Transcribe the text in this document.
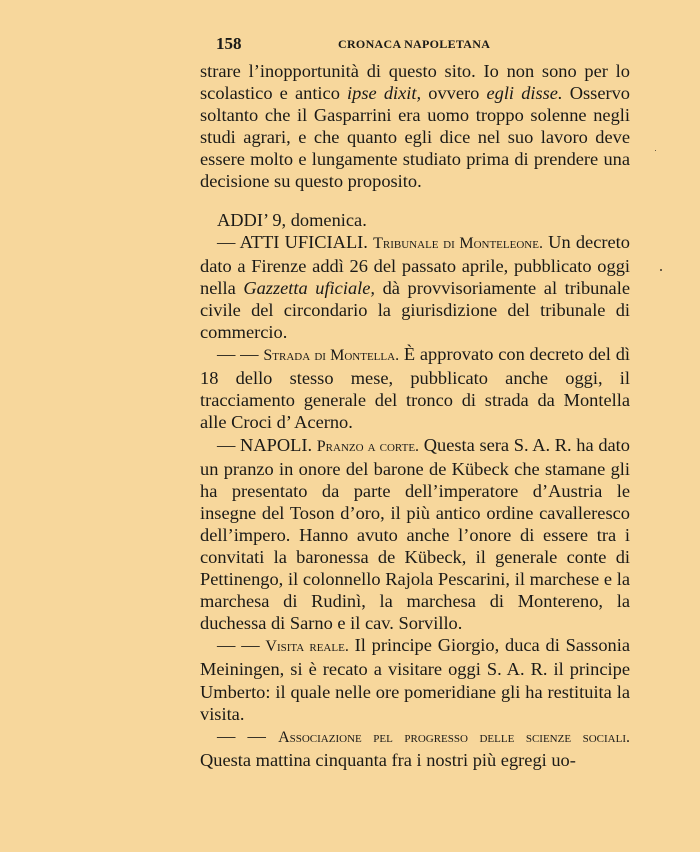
158	CRONACA NAPOLETANA

strare l’inopportunità di questo sito. Io non sono per lo scolastico e antico ipse dixit, ovvero egli disse. Osservo soltanto che il Gasparrini era uomo troppo solenne negli studi agrari, e che quanto egli dice nel suo lavoro deve essere molto e lungamente studiato prima di prendere una decisione su questo proposito.

ADDI’ 9, domenica.

— ATTI UFICIALI. Tribunale di Monteleone. Un decreto dato a Firenze addì 26 del passato aprile, pubblicato oggi nella Gazzetta uficiale, dà provvisoriamente al tribunale civile del circondario la giurisdizione del tribunale di commercio.

— — Strada di Montella. È approvato con decreto del dì 18 dello stesso mese, pubblicato anche oggi, il tracciamento generale del tronco di strada da Montella alle Croci d’ Acerno.

— NAPOLI. Pranzo a corte. Questa sera S. A. R. ha dato un pranzo in onore del barone de Kübeck che stamane gli ha presentato da parte dell’imperatore d’Austria le insegne del Toson d’oro, il più antico ordine cavalleresco dell’impero. Hanno avuto anche l’onore di essere tra i convitati la baronessa de Kübeck, il generale conte di Pettinengo, il colonnello Rajola Pescarini, il marchese e la marchesa di Rudinì, la marchesa di Montereno, la duchessa di Sarno e il cav. Sorvillo.

— — Visita reale. Il principe Giorgio, duca di Sassonia Meiningen, si è recato a visitare oggi S. A. R. il principe Umberto: il quale nelle ore pomeridiane gli ha restituita la visita.

— — Associazione pel progresso delle scienze sociali. Questa mattina cinquanta fra i nostri più egregi uo-
